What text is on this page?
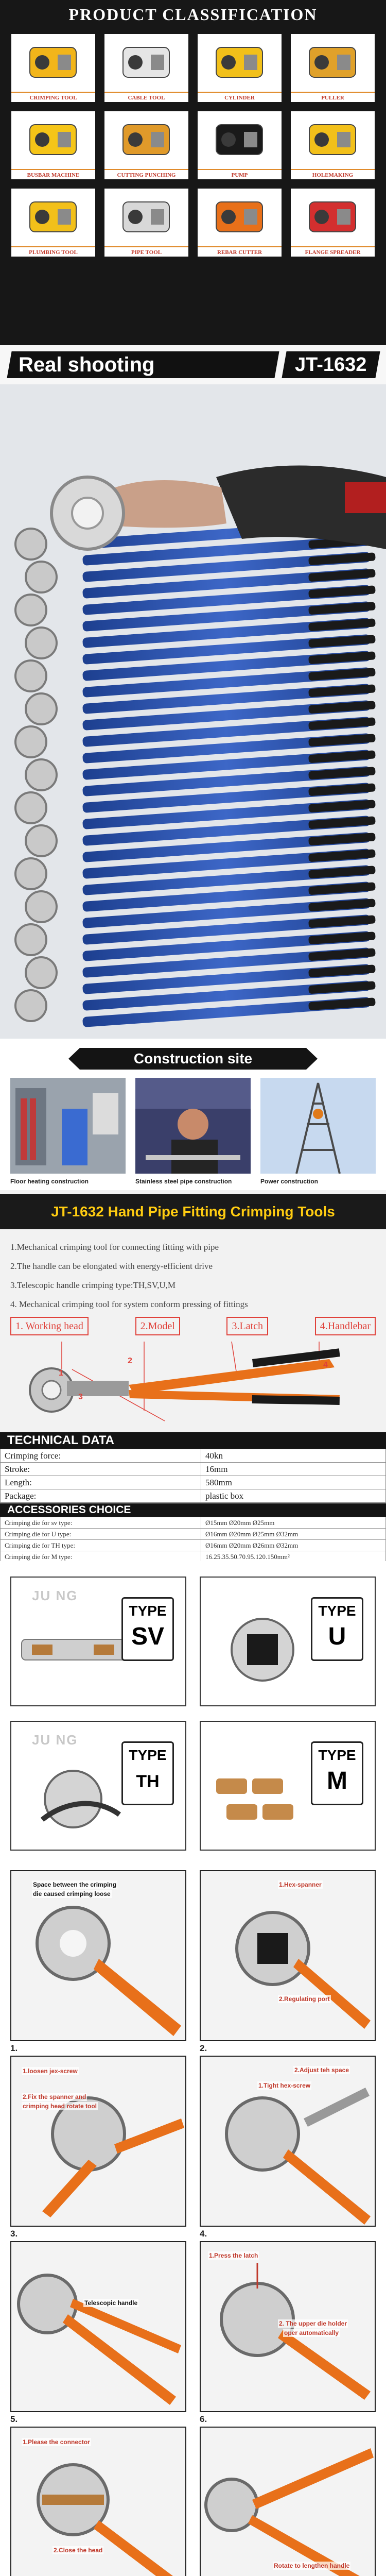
PRODUCT CLASSIFICATION
CRIMPING TOOL	CABLE TOOL	CYLINDER	PULLER
BUSBAR MACHINE	CUTTING PUNCHING	PUMP	HOLEMAKING
PLUMBING TOOL	PIPE TOOL	REBAR CUTTER	FLANGE SPREADER
Real shooting	JT-1632
Construction site
Floor heating construction	Stainless steel pipe construction	Power construction
JT-1632 Hand Pipe Fitting Crimping Tools
1.Mechanical crimping tool for connecting fitting with pipe
2.The handle can be elongated with energy-efficient drive
3.Telescopic handle crimping type:TH,SV,U,M
4. Mechanical crimping tool for system conform pressing of fittings
1. Working head	2.Model	3.Latch	4.Handlebar
1
2
3
4
TECHNICAL DATA
Crimping force:	40kn
Stroke:	16mm
Length:	580mm
Package:	plastic box
ACCESSORIES CHOICE
Crimping die for sv type:	Ø15mm Ø20mm Ø25mm
Crimping die for U type:	Ø16mm Ø20mm Ø25mm Ø32mm
Crimping die for TH type:	Ø16mm Ø20mm Ø26mm Ø32mm
Crimping die for M type:	16.25.35.50.70.95.120.150mm²
JU NG
TYPE
SV
TYPE
U
JU NG
TYPE
TH
TYPE
M
Space between the crimping
die caused crimping loose
1.
1.Hex-spanner
2.Regulating port
2.
1.loosen jex-screw
2.Fix the spanner and
crimping head rotate tool
3.
2.Adjust teh space
1.Tight hex-screw
4.
Telescopic handle
5.
1.Press the latch
2. The upper die holder
oper automatically
6.
1.Please the connector
2.Close the head
Rotate to lengthen handle
